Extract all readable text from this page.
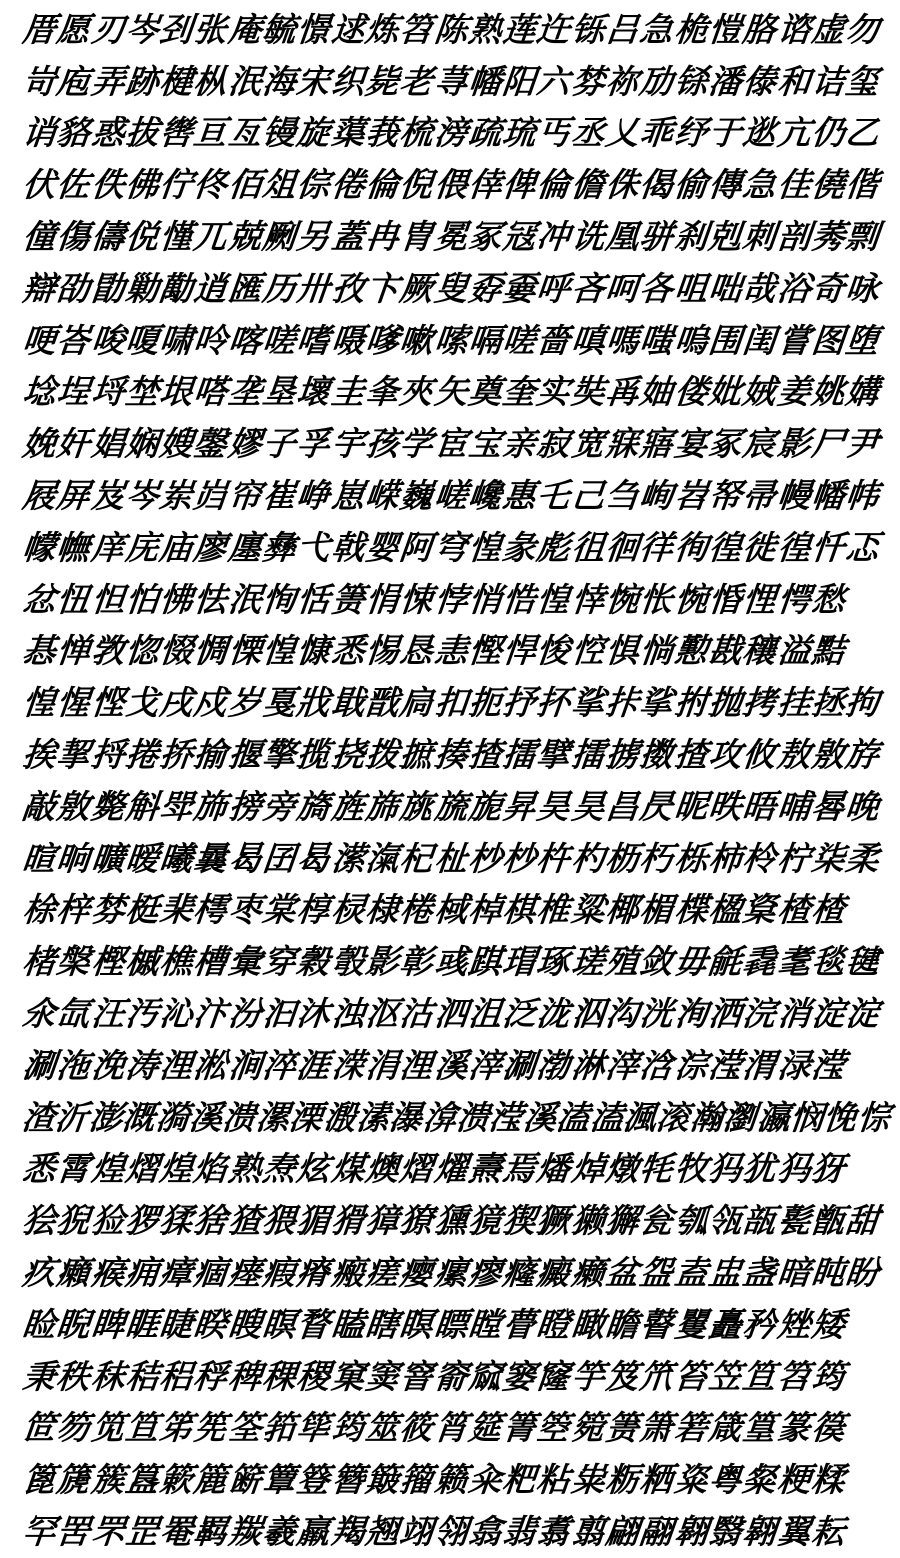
厝
愿
刃
岑
刭
张
庵
毓
憬
逑
炼
笤
陈
熟
莲
迕
铄
吕
急
桅
愷
胳
谘
虚
勿
岢
庖
弄
跡
楗
枞
泯
海
宋
织
毙
老
荨
幡
阳
六
棼
祢
劢
铩
潘
傣
和
诘
玺
诮
貉
惑
拔
辔
亘
亙
镘
旋
蕖
莪
梳
滂
疏
琉
丐
丞
乂
乖
纾
于
逖
亢
仍
乙
伏
佐
佚
佛
佇
佟
佰
俎
倧
倦
倫
倪
偎
倖
俾
倫
儋
侏
偈
偷
傳
急
佳
僥
偕
僮
傷
儔
侻
慬
兀
兢
劂
另
蓋
冉
胄
冕
冢
冦
冲
诜
凰
骈
刹
剋
刺
剖
莠
剽
辯
劭
勖
勦
勱
逍
匯
历
卅
孜
卞
厥
叟
孬
嫑
呼
吝
呵
各
咀
咄
哉
浴
奇
咏
哽
峇
唆
嗄
啸
呤
喀
嗟
嗜
嗫
嗲
嗽
嗦
嗝
嗟
嗇
嗔
嗎
嗤
嗚
围
闺
嘗
图
堕
埝
埕
埒
埜
垠
嗒
垄
垦
壞
圭
夆
夾
矢
奠
奎
实
奘
爯
妯
偻
妣
娀
姜
姚
媾
娩
奸
娼
娴
嫂
鏧
嫪
子
孚
宇
孩
学
宦
宝
亲
寂
宽
寐
寤
宴
冢
宸
影
尸
尹
屐
屏
岌
岑
岽
岿
帘
崔
峥
崽
嵘
巍
嵯
巉
惠
乇
己
刍
峋
岧
帑
帚
幔
幡
帏
幪
幠
庠
庑
庙
廖
廛
彝
弋
戟
婴
阿
穹
惶
彖
彪
徂
徊
徉
徇
徨
徙
徨
忏
忑
忿
忸
怛
怕
怫
怯
泯
恂
恬
箦
悁
悚
悖
悄
悎
惶
悻
惋
怅
惋
惛
悝
愕
愁
惎
惮
敩
惚
惙
惆
慄
惶
慷
悉
惕
恳
恚
慳
悍
悛
悾
惧
惝
懃
戡
穰
溢
黠
惶
惺
悭
戈
戌
戍
岁
戛
戕
戢
戬
扃
扣
扼
抒
抔
挲
拤
挲
拊
抛
拷
挂
拯
拘
挨
挈
捋
捲
挢
揄
揠
擎
揽
挠
拨
摭
揍
揸
擂
擘
擂
掳
擞
揸
攻
攸
敖
敫
斿
敲
敫
斃
斛
斝
斾
搒
旁
旖
旌
旆
旐
旒
旎
昇
昊
昊
昌
昃
昵
昳
晤
晡
晷
晚
暄
晌
曠
暧
曦
曩
曷
囝
曷
潆
滊
杞
杫
杪
杪
杵
杓
枥
朽
栎
柿
柃
柠
柒
柔
梌
梓
棼
梃
棐
樗
枣
棠
椁
棂
棣
棬
棫
棹
棋
椎
粱
椰
楣
楪
楹
楶
楂
楂
楮
槃
樫
槭
樵
槽
彙
穿
穀
彀
影
彰
彧
踑
瑁
琢
瑳
殖
敛
毋
毹
毳
耄
毯
毽
氽
氙
汪
汚
沁
汴
汾
汩
沐
浊
沤
沽
泗
沮
泛
泷
泅
沟
洸
洵
洒
浣
消
淀
淀
涮
沲
浼
涛
浬
淞
涧
淬
涯
溁
涓
浬
溪
滓
涮
渤
淋
滓
浛
淙
滢
渭
渌
滢
渣
沂
澎
溉
漪
溪
溃
漯
溧
溵
溸
瀑
渰
溃
滢
溪
溘
溘
渢
滚
瀚
瀏
瀛
悯
悗
悰
悉
霄
煌
熠
煌
焰
熟
焘
炫
煤
燠
熠
燿
燾
焉
燔
焯
燉
牦
牧
犸
犹
犸
犽
狯
猊
猃
猡
猱
猞
猹
猥
猸
猾
獐
獠
獯
獍
猰
獗
獭
獬
瓮
瓠
瓴
瓿
甏
甑
甜
疚
癩
瘊
痈
瘴
痼
瘗
瘕
瘠
瘢
瘥
瘿
瘰
瘳
癃
癜
癞
盆
盌
盍
盅
盏
暗
盹
盼
睑
睨
睥
睚
睫
睽
瞍
瞑
瞀
瞌
瞎
瞑
瞟
瞠
瞢
瞪
瞰
瞻
瞽
矍
矗
矜
矬
矮
秉
秩
秣
秸
稆
稃
稗
稞
稷
窠
窦
窨
窬
窳
窭
窿
竽
笈
笊
笞
笠
笪
笤
筠
笸
笏
笕
笪
笫
筅
筌
筘
筚
筠
筮
筱
筲
筵
箐
箜
箢
箦
箫
箬
箴
篁
篆
篌
篦
篪
簇
簋
簌
簏
簖
簟
簦
簪
簸
籀
籁
籴
粑
粘
粜
粝
粞
粢
粤
粲
粳
糅
罕
罟
罘
罡
罨
羁
羰
羲
羸
羯
翘
翊
翎
翕
翡
翥
翦
翩
翮
翱
翳
翱
翼
耘
